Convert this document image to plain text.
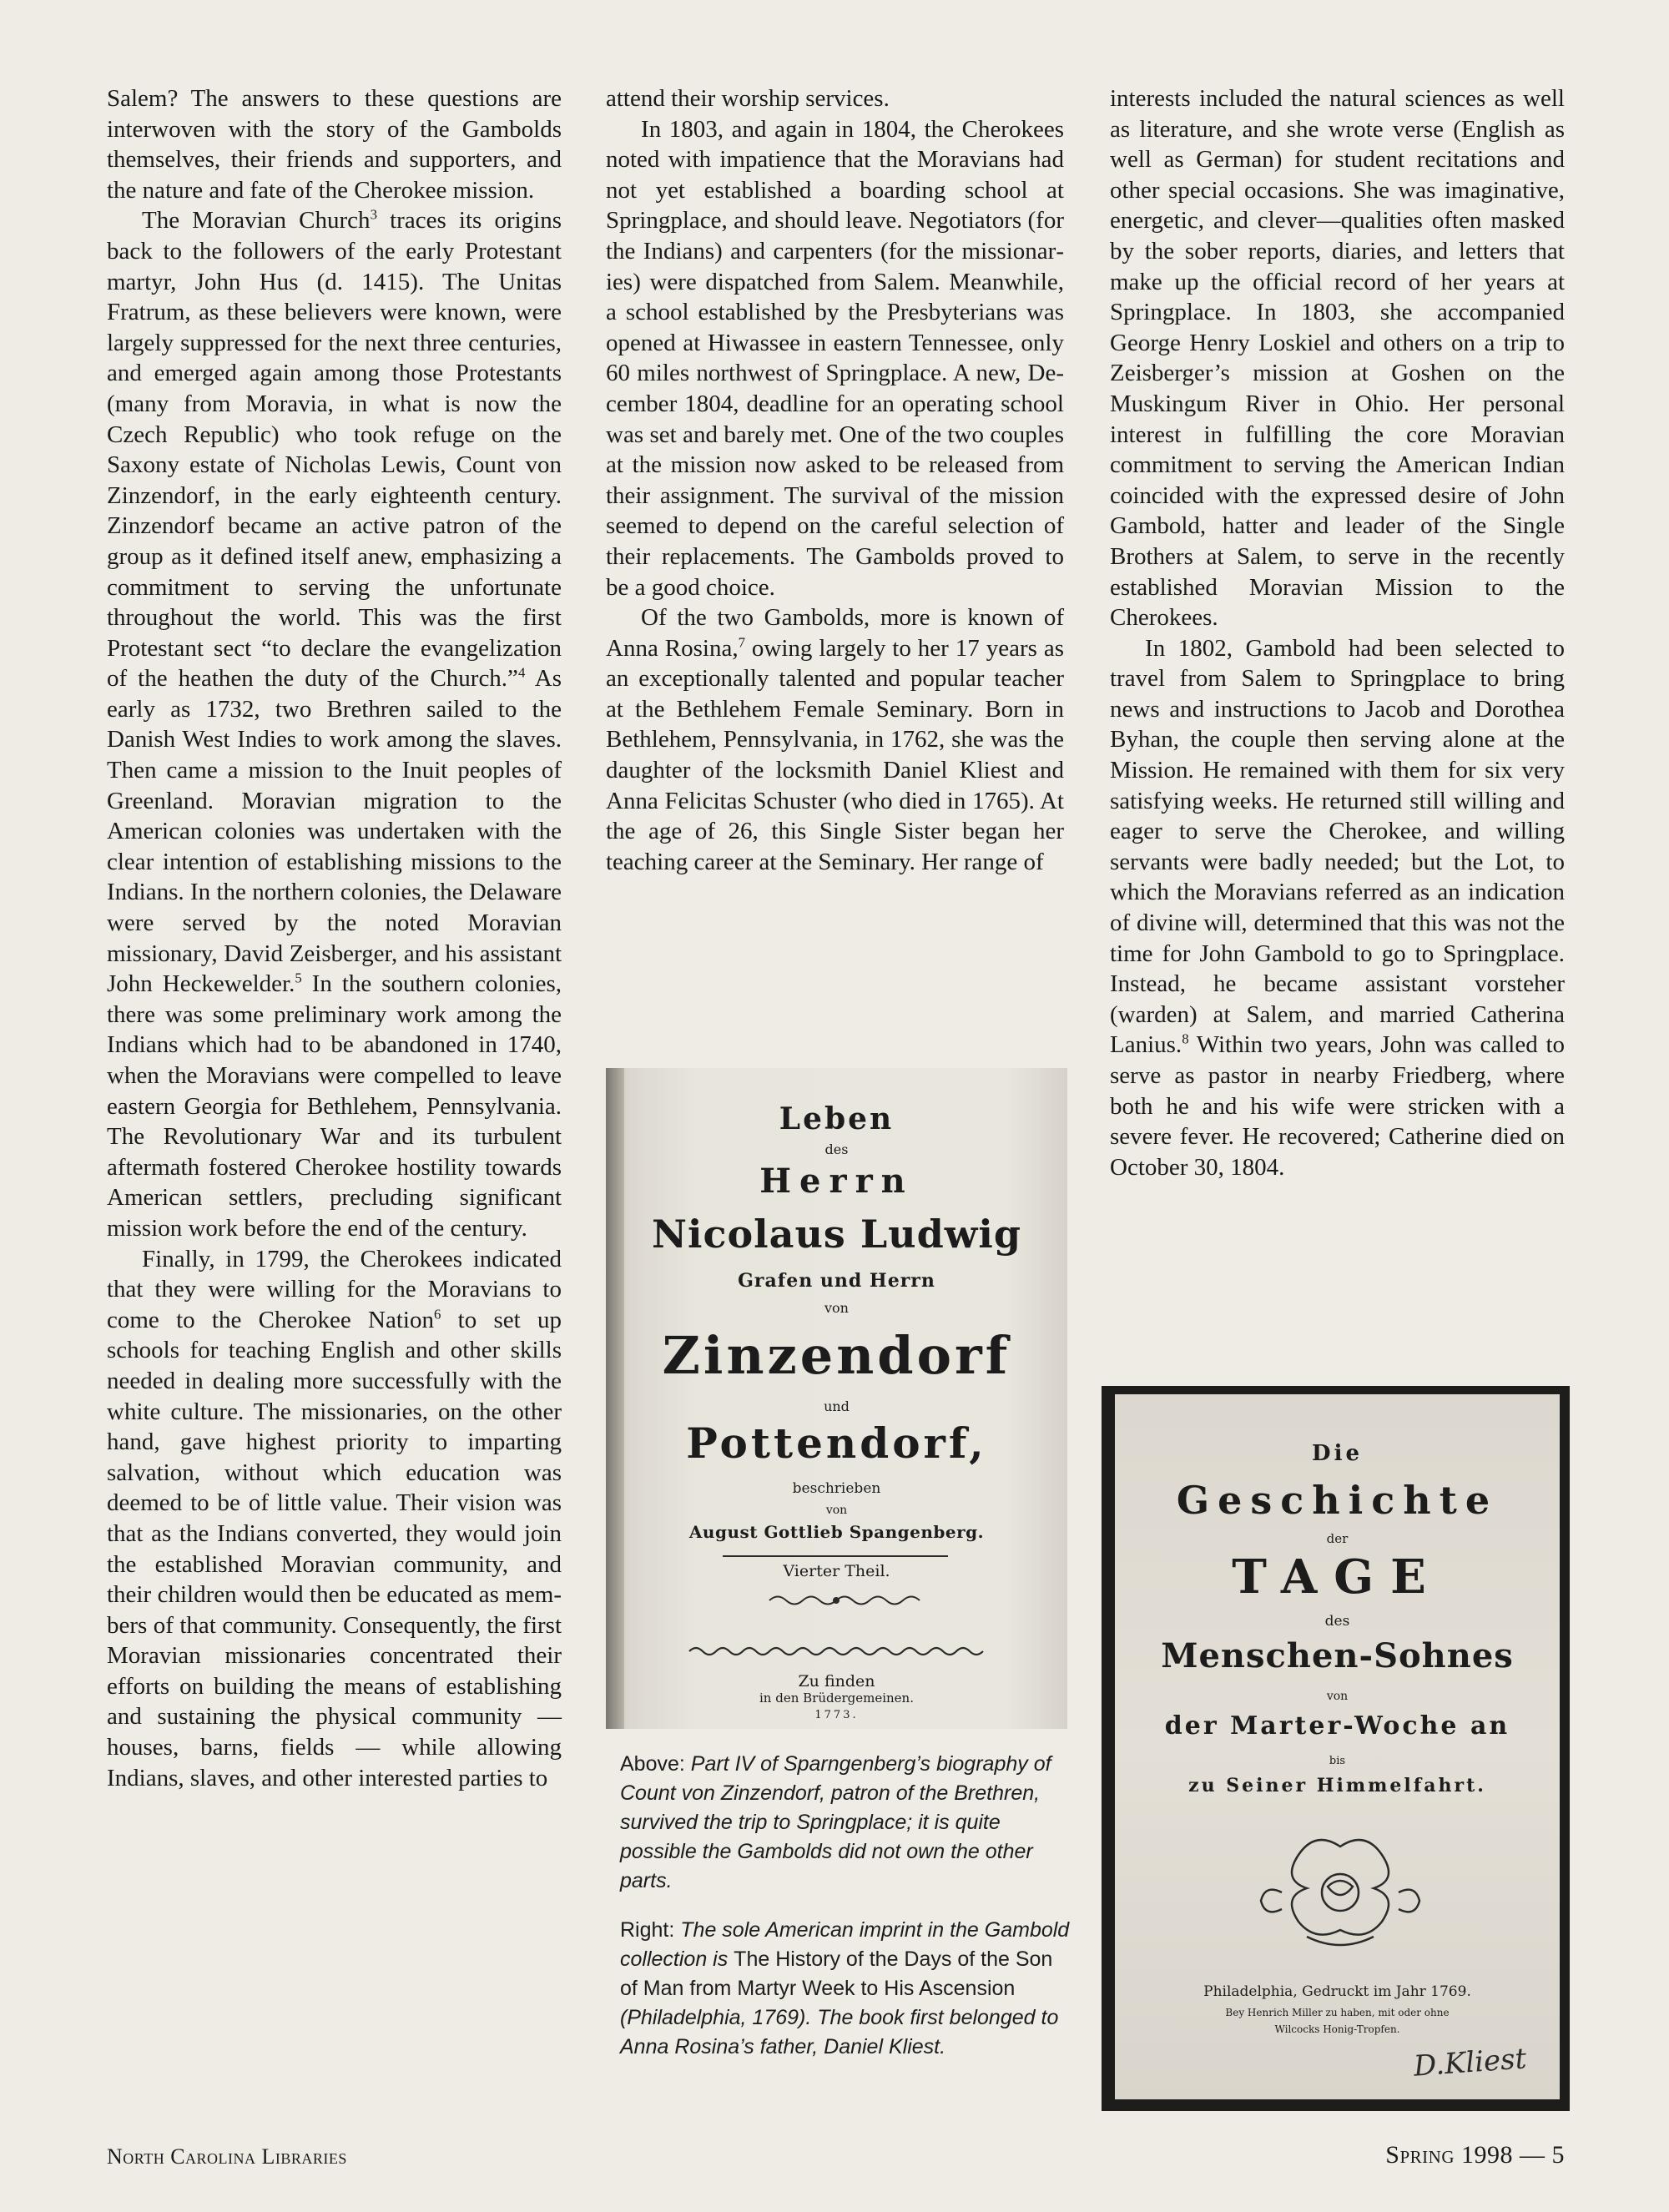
Salem? The answers to these questions are interwoven with the story of the Gambolds themselves, their friends and supporters, and the nature and fate of the Cherokee mission.

The Moravian Church$^3$ traces its origins back to the followers of the early Protestant martyr, John Hus (d. 1415). The Unitas Fratrum, as these believers were known, were largely suppressed for the next three centuries, and emerged again among those Protestants (many from Moravia, in what is now the Czech Republic) who took refuge on the Saxony estate of Nicholas Lewis, Count von Zinzendorf, in the early eighteenth century. Zinzendorf became an active patron of the group as it defined itself anew, emphasizing a commitment to serving the unfortunate throughout the world. This was the first Protestant sect “to declare the evangelization of the heathen the duty of the Church.”$^4$ As early as 1732, two Brethren sailed to the Danish West Indies to work among the slaves. Then came a mission to the Inuit peoples of Greenland. Moravian migration to the American colonies was undertaken with the clear intention of establishing missions to the Indians. In the northern colonies, the Delaware were served by the noted Moravian missionary, David Zeisberger, and his assistant John Heckewelder.$^5$ In the southern colonies, there was some preliminary work among the Indians which had to be abandoned in 1740, when the Moravians were compelled to leave eastern Georgia for Bethlehem, Pennsylvania. The Revolutionary War and its turbulent aftermath fostered Cherokee hostility towards American settlers, precluding significant mission work before the end of the century.

Finally, in 1799, the Cherokees indicated that they were willing for the Moravians to come to the Cherokee Nation$^6$ to set up schools for teaching English and other skills needed in dealing more successfully with the white culture. The missionaries, on the other hand, gave highest priority to imparting salvation, without which education was deemed to be of little value. Their vision was that as the Indians converted, they would join the established Moravian community, and their children would then be educated as members of that community. Consequently, the first Moravian missionaries concentrated their efforts on building the means of establishing and sustaining the physical community — houses, barns, fields — while allowing Indians, slaves, and other interested parties to

attend their worship services.

In 1803, and again in 1804, the Cherokees noted with impatience that the Moravians had not yet established a boarding school at Springplace, and should leave. Negotiators (for the Indians) and carpenters (for the missionaries) were dispatched from Salem. Meanwhile, a school established by the Presbyterians was opened at Hiwassee in eastern Tennessee, only 60 miles northwest of Springplace. A new, December 1804, deadline for an operating school was set and barely met. One of the two couples at the mission now asked to be released from their assignment. The survival of the mission seemed to depend on the careful selection of their replacements. The Gambolds proved to be a good choice.

Of the two Gambolds, more is known of Anna Rosina,$^7$ owing largely to her 17 years as an exceptionally talented and popular teacher at the Bethlehem Female Seminary. Born in Bethlehem, Pennsylvania, in 1762, she was the daughter of the locksmith Daniel Kliest and Anna Felicitas Schuster (who died in 1765). At the age of 26, this Single Sister began her teaching career at the Seminary. Her range of

interests included the natural sciences as well as literature, and she wrote verse (English as well as German) for student recitations and other special occasions. She was imaginative, energetic, and clever—qualities often masked by the sober reports, diaries, and letters that make up the official record of her years at Springplace. In 1803, she accompanied George Henry Loskiel and others on a trip to Zeisberger’s mission at Goshen on the Muskingum River in Ohio. Her personal interest in fulfilling the core Moravian commitment to serving the American Indian coincided with the expressed desire of John Gambold, hatter and leader of the Single Brothers at Salem, to serve in the recently established Moravian Mission to the Cherokees.

In 1802, Gambold had been selected to travel from Salem to Springplace to bring news and instructions to Jacob and Dorothea Byhan, the couple then serving alone at the Mission. He remained with them for six very satisfying weeks. He returned still willing and eager to serve the Cherokee, and willing servants were badly needed; but the Lot, to which the Moravians referred as an indication of divine will, determined that this was not the time for John Gambold to go to Springplace. Instead, he became assistant vorsteher (warden) at Salem, and married Catherina Lanius.$^8$ Within two years, John was called to serve as pastor in nearby Friedberg, where both he and his wife were stricken with a severe fever. He recovered; Catherine died on October 30, 1804.

Leben

des

Herrn

Nicolaus Ludwig

Grafen und Herrn

von

Zinzendorf

und

Pottendorf,

beschrieben

von

August Gottlieb Spangenberg.

Vierter Theil.

Zu finden

in den Brüdergemeinen.

1773.

Die

Geschichte

der

TAGE

des

Menschen-Sohnes

von

der Marter-Woche an

bis

zu Seiner Himmelfahrt.

Philadelphia, Gedruckt im Jahr 1769.

Bey Henrich Miller zu haben, mit oder ohne

Wilcocks Honig-Tropfen.

D.Kliest

Above: Part IV of Sparngenberg’s biography of Count von Zinzendorf, patron of the Brethren, survived the trip to Springplace; it is quite possible the Gambolds did not own the other parts.

Right: The sole American imprint in the Gambold collection is The History of the Days of the Son of Man from Martyr Week to His Ascension (Philadelphia, 1769). The book first belonged to Anna Rosina’s father, Daniel Kliest.

North Carolina Libraries	Spring 1998 — 5
